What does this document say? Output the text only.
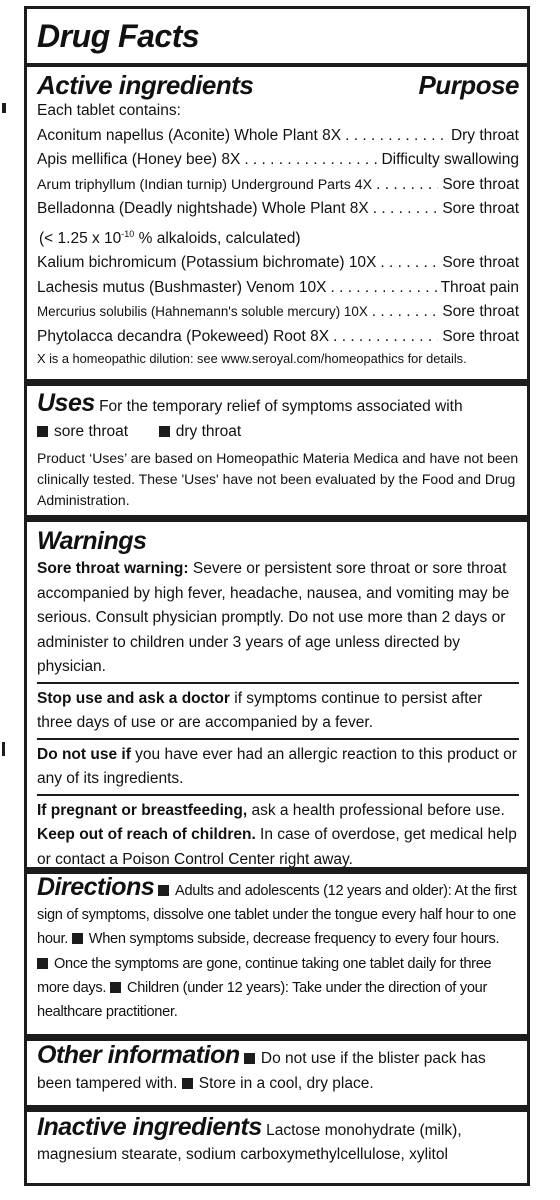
Drug Facts
Active ingredients	Purpose
Each tablet contains:
Aconitum napellus (Aconite) Whole Plant 8X . . .	Dry throat
Apis mellifica (Honey bee) 8X . . .	Difficulty swallowing
Arum triphyllum (Indian turnip) Underground Parts 4X . . .	Sore throat
Belladonna (Deadly nightshade) Whole Plant 8X . . .	Sore throat
(< 1.25 x $10^{-10}$ % alkaloids, calculated)
Kalium bichromicum (Potassium bichromate) 10X . . .	Sore throat
Lachesis mutus (Bushmaster) Venom 10X . . .	Throat pain
Mercurius solubilis (Hahnemann's soluble mercury) 10X . . .	Sore throat
Phytolacca decandra (Pokeweed) Root 8X . . .	Sore throat
X is a homeopathic dilution: see www.seroyal.com/homeopathics for details.
Uses For the temporary relief of symptoms associated with
sore throat	dry throat
Product ‘Uses’ are based on Homeopathic Materia Medica and have not been clinically tested. These 'Uses' have not been evaluated by the Food and Drug Administration.
Warnings
Sore throat warning: Severe or persistent sore throat or sore throat accompanied by high fever, headache, nausea, and vomiting may be serious. Consult physician promptly. Do not use more than 2 days or administer to children under 3 years of age unless directed by physician.
Stop use and ask a doctor if symptoms continue to persist after three days of use or are accompanied by a fever.
Do not use if you have ever had an allergic reaction to this product or any of its ingredients.
If pregnant or breastfeeding, ask a health professional before use. Keep out of reach of children. In case of overdose, get medical help or contact a Poison Control Center right away.
Directions Adults and adolescents (12 years and older): At the first sign of symptoms, dissolve one tablet under the tongue every half hour to one hour. When symptoms subside, decrease frequency to every four hours. Once the symptoms are gone, continue taking one tablet daily for three more days. Children (under 12 years): Take under the direction of your healthcare practitioner.
Other information Do not use if the blister pack has been tampered with. Store in a cool, dry place.
Inactive ingredients Lactose monohydrate (milk), magnesium stearate, sodium carboxymethylcellulose, xylitol
